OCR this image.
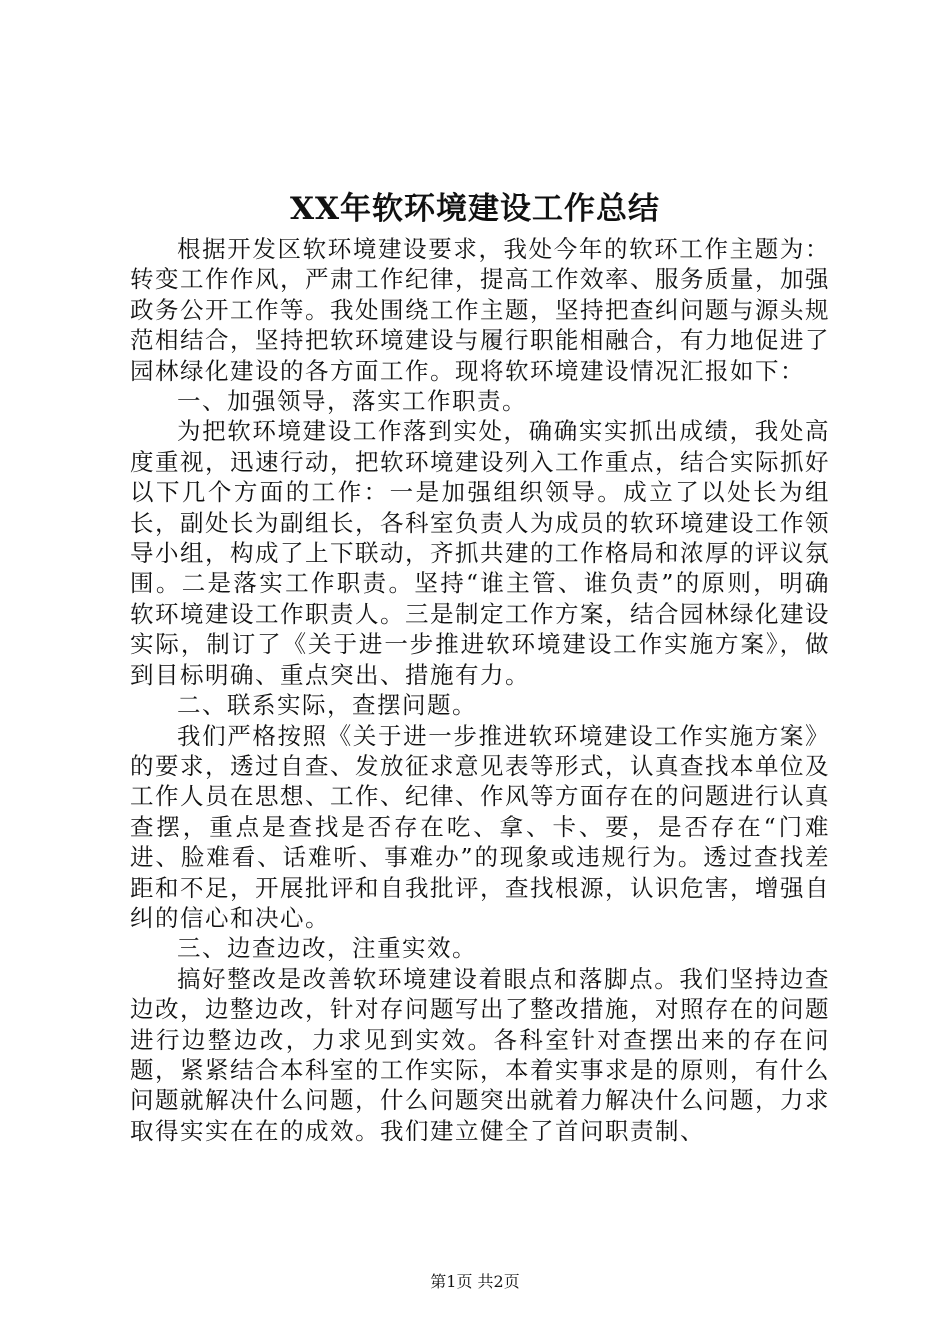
XX年软环境建设工作总结

根据开发区软环境建设要求，我处今年的软环工作主题为：转变工作作风，严肃工作纪律，提高工作效率、服务质量，加强政务公开工作等。我处围绕工作主题，坚持把查纠问题与源头规范相结合，坚持把软环境建设与履行职能相融合，有力地促进了园林绿化建设的各方面工作。现将软环境建设情况汇报如下：

一、加强领导，落实工作职责。

为把软环境建设工作落到实处，确确实实抓出成绩，我处高度重视，迅速行动，把软环境建设列入工作重点，结合实际抓好以下几个方面的工作：一是加强组织领导。成立了以处长为组长，副处长为副组长，各科室负责人为成员的软环境建设工作领导小组，构成了上下联动，齐抓共建的工作格局和浓厚的评议氛围。二是落实工作职责。坚持“谁主管、谁负责”的原则，明确软环境建设工作职责人。三是制定工作方案，结合园林绿化建设实际，制订了《关于进一步推进软环境建设工作实施方案》，做到目标明确、重点突出、措施有力。

二、联系实际，查摆问题。

我们严格按照《关于进一步推进软环境建设工作实施方案》的要求，透过自查、发放征求意见表等形式，认真查找本单位及工作人员在思想、工作、纪律、作风等方面存在的问题进行认真查摆，重点是查找是否存在吃、拿、卡、要，是否存在“门难进、脸难看、话难听、事难办”的现象或违规行为。透过查找差距和不足，开展批评和自我批评，查找根源，认识危害，增强自纠的信心和决心。

三、边查边改，注重实效。

搞好整改是改善软环境建设着眼点和落脚点。我们坚持边查边改，边整边改，针对存问题写出了整改措施，对照存在的问题进行边整边改，力求见到实效。各科室针对查摆出来的存在问题，紧紧结合本科室的工作实际，本着实事求是的原则，有什么问题就解决什么问题，什么问题突出就着力解决什么问题，力求取得实实在在的成效。我们建立健全了首问职责制、

第1页 共2页
